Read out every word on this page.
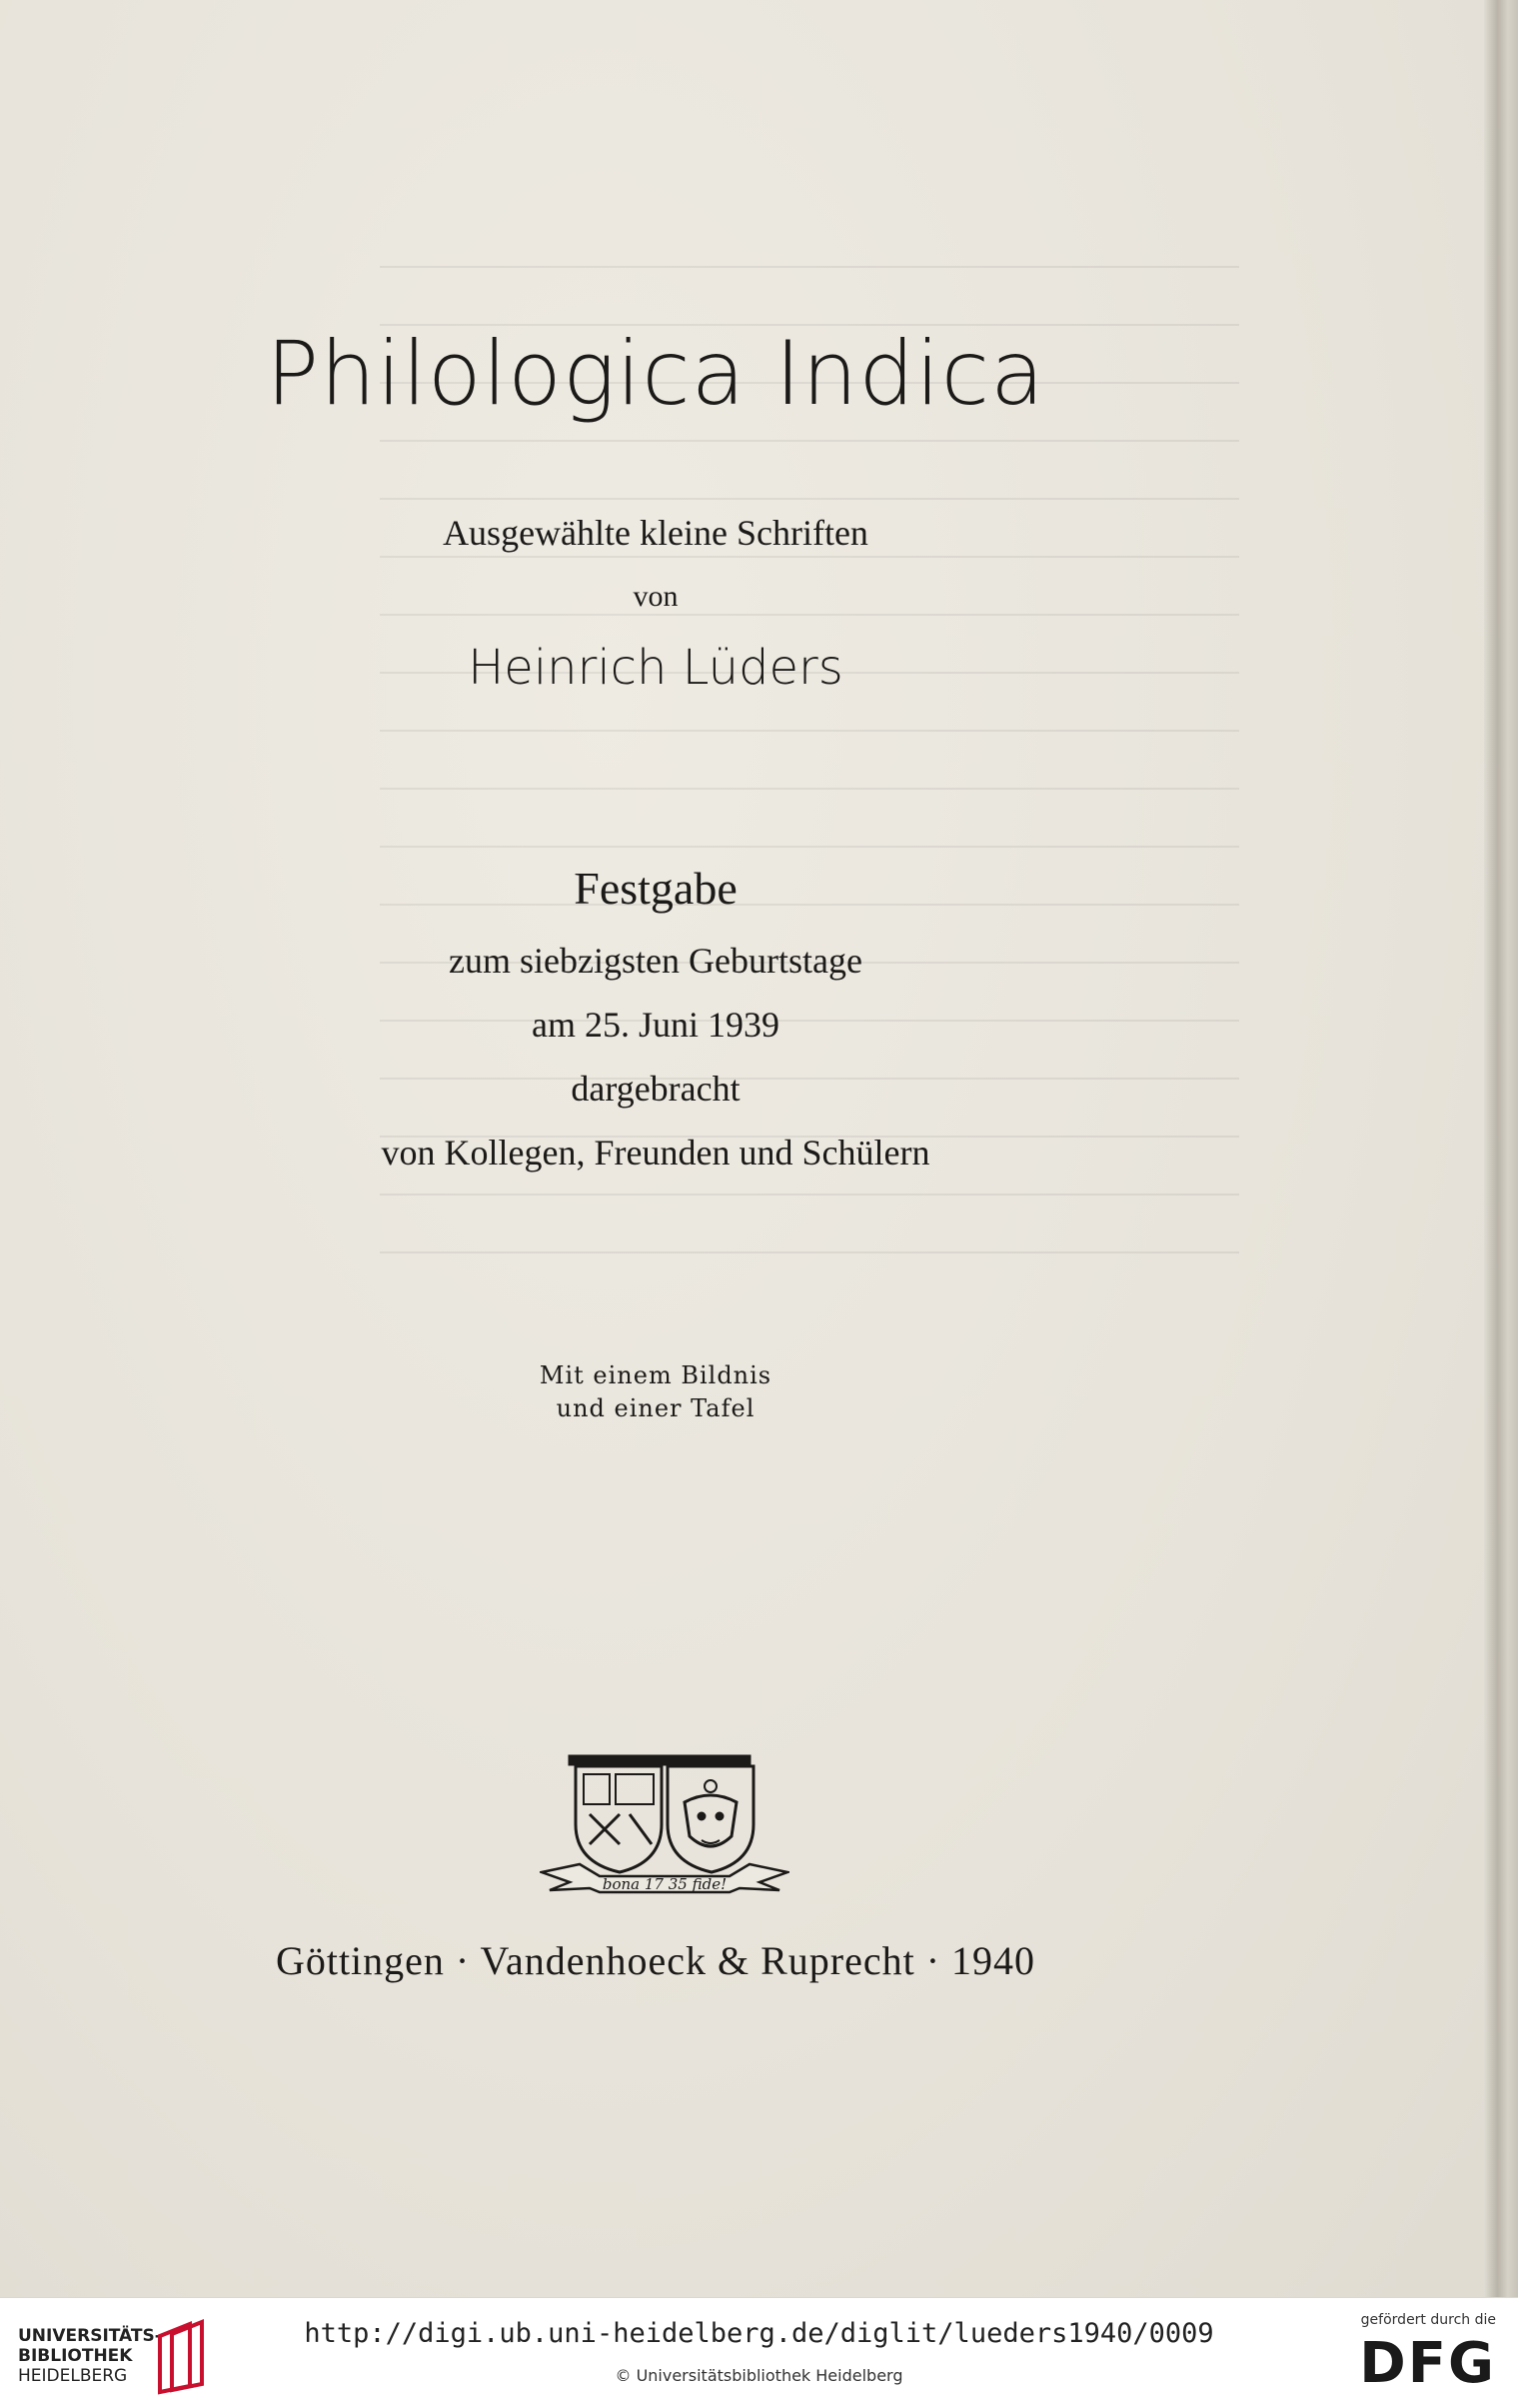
Philologica Indica
Ausgewählte kleine Schriften
von
Heinrich Lüders
Festgabe
zum siebzigsten Geburtstage
am 25. Juni 1939
dargebracht
von Kollegen, Freunden und Schülern
Mit einem Bildnis
und einer Tafel
bona 17 35 fide!
Göttingen · Vandenhoeck & Ruprecht · 1940
UNIVERSITÄTS-
BIBLIOTHEK
HEIDELBERG
http://digi.ub.uni-heidelberg.de/diglit/lueders1940/0009
© Universitätsbibliothek Heidelberg
gefördert durch die
DFG
